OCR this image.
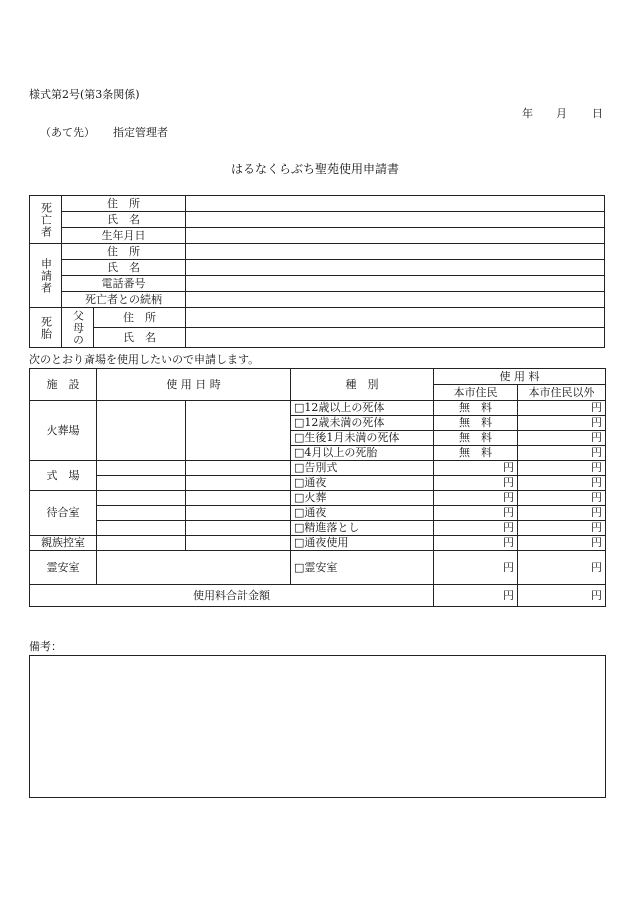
様式第2号(第3条関係)
年 月 日
（あて先） 指定管理者
はるなくらぶち聖苑使用申請書
死亡者	住　所		
	氏　名		
	生年月日		

申請者	住　所		
	氏　名		
	電話番号		
	死亡者との続柄		

死胎	父母の	住　所	
		氏　名	
次のとおり斎場を使用したいので申請します。
施　設	使 用 日 時		種　別	使 用 料	
				本市住民	本市住民以外
火葬場			□12歳以上の死体	無　料	円
			□12歳未満の死体	無　料	円
			□生後1月未満の死体	無　料	円
			□4月以上の死胎	無　料	円
式　場			□告別式	円	円
			□通夜	円	円
待合室			□火葬	円	円
			□通夜	円	円
			□精進落とし	円	円
親族控室			□通夜使用	円	円
霊安室			□霊安室	円	円
使用料合計金額				円	円
備考：
